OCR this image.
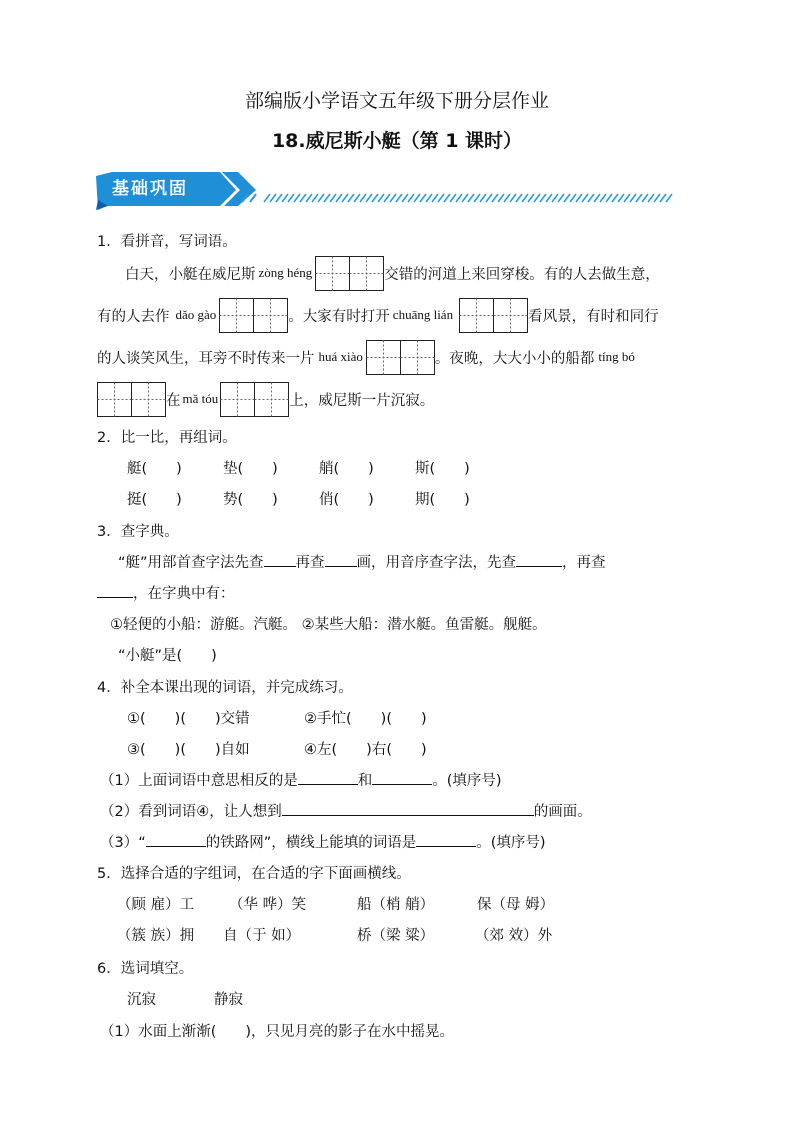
部编版小学语文五年级下册分层作业
18.威尼斯小艇（第 1 课时）
基础巩固
1．看拼音，写词语。
白天，小艇在威尼斯 zòng héng	交错的河道上来回穿梭。有的人去做生意，
有的人去作 dǎo gào	。大家有时打开 chuāng lián	看风景，有时和同行
的人谈笑风生，耳旁不时传来一片 huá xiào	。夜晚，大大小小的船都 tíng bó
在 mǎ tóu	上，威尼斯一片沉寂。
2．比一比，再组词。
艇(　　)	垫(　　)	艄(　　)	斯(　　)
挺(　　)	势(　　)	俏(　　)	期(　　)
3．查字典。
“艇”用部首查字法先查 再查 画，用音序查字法，先查	，再查
，在字典中有：
①轻便的小船：游艇。汽艇。 ②某些大船：潜水艇。鱼雷艇。舰艇。
“小艇”是(　　)
4．补全本课出现的词语，并完成练习。
①(　　)(　　)交错	②手忙(　　)(　　)
③(　　)(　　)自如	④左(　　)右(　　)
（1）上面词语中意思相反的是	和	。(填序号)
（2）看到词语④，让人想到	的画面。
（3）“	的铁路网”，横线上能填的词语是	。(填序号)
5．选择合适的字组词，在合适的字下面画横线。
（顾 雇）工 （华 哗）笑	船（梢 艄）	保（母 姆）
（簇 族）拥 自（于 如）	桥（梁 粱）	（郊 效）外
6．选词填空。
沉寂	静寂
（1）水面上渐渐(　　)，只见月亮的影子在水中摇晃。
